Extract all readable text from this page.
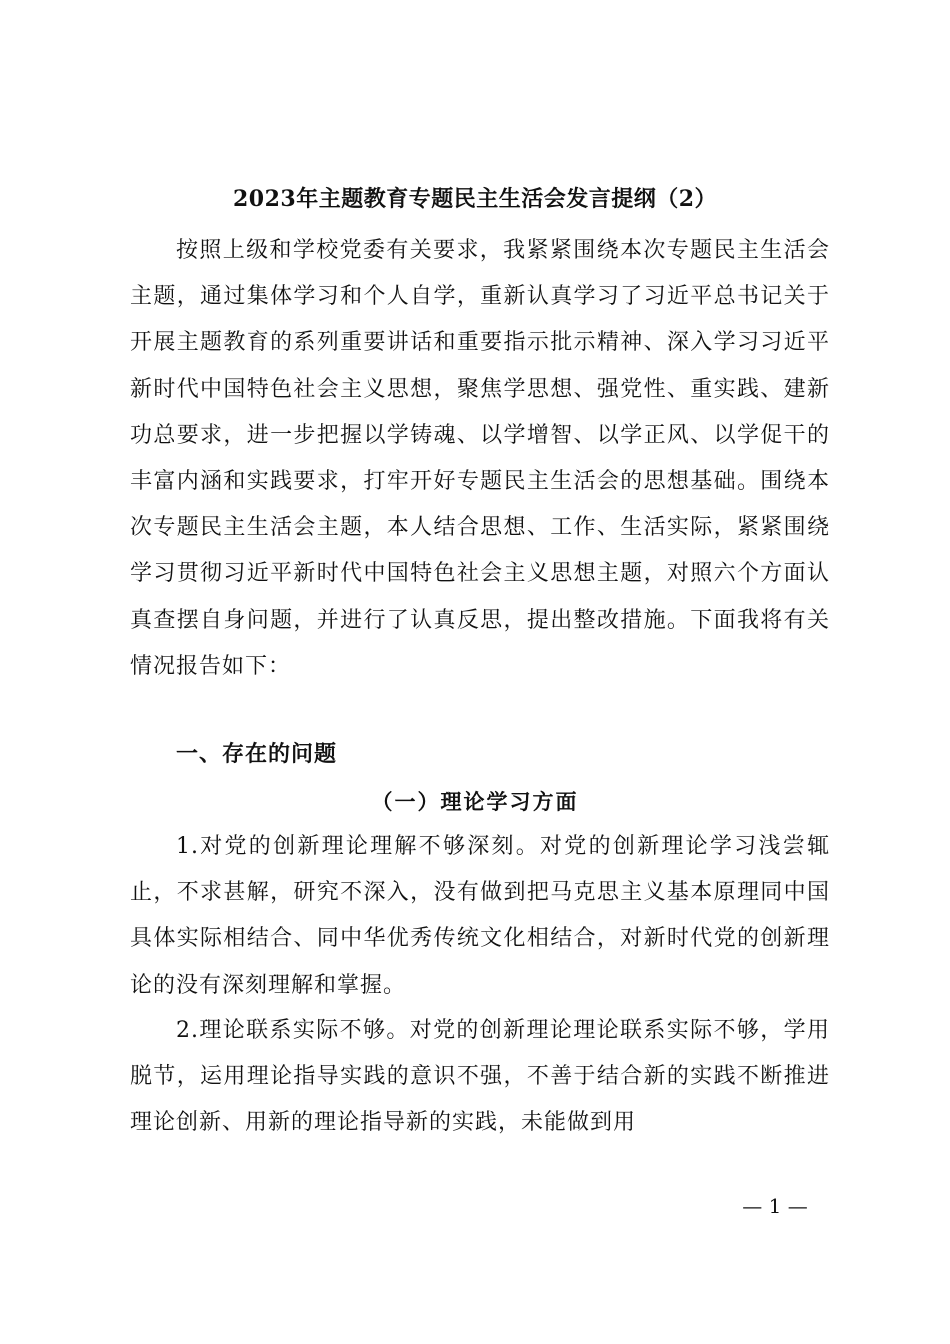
2023年主题教育专题民主生活会发言提纲（2）

按照上级和学校党委有关要求，我紧紧围绕本次专题民主生活会主题，通过集体学习和个人自学，重新认真学习了习近平总书记关于开展主题教育的系列重要讲话和重要指示批示精神、深入学习习近平新时代中国特色社会主义思想，聚焦学思想、强党性、重实践、建新功总要求，进一步把握以学铸魂、以学增智、以学正风、以学促干的丰富内涵和实践要求，打牢开好专题民主生活会的思想基础。围绕本次专题民主生活会主题，本人结合思想、工作、生活实际，紧紧围绕学习贯彻习近平新时代中国特色社会主义思想主题，对照六个方面认真查摆自身问题，并进行了认真反思，提出整改措施。下面我将有关情况报告如下：

一、存在的问题
（一）理论学习方面

1.对党的创新理论理解不够深刻。对党的创新理论学习浅尝辄止，不求甚解，研究不深入，没有做到把马克思主义基本原理同中国具体实际相结合、同中华优秀传统文化相结合，对新时代党的创新理论的没有深刻理解和掌握。

2.理论联系实际不够。对党的创新理论理论联系实际不够，学用脱节，运用理论指导实践的意识不强，不善于结合新的实践不断推进理论创新、用新的理论指导新的实践，未能做到用

— 1 —
